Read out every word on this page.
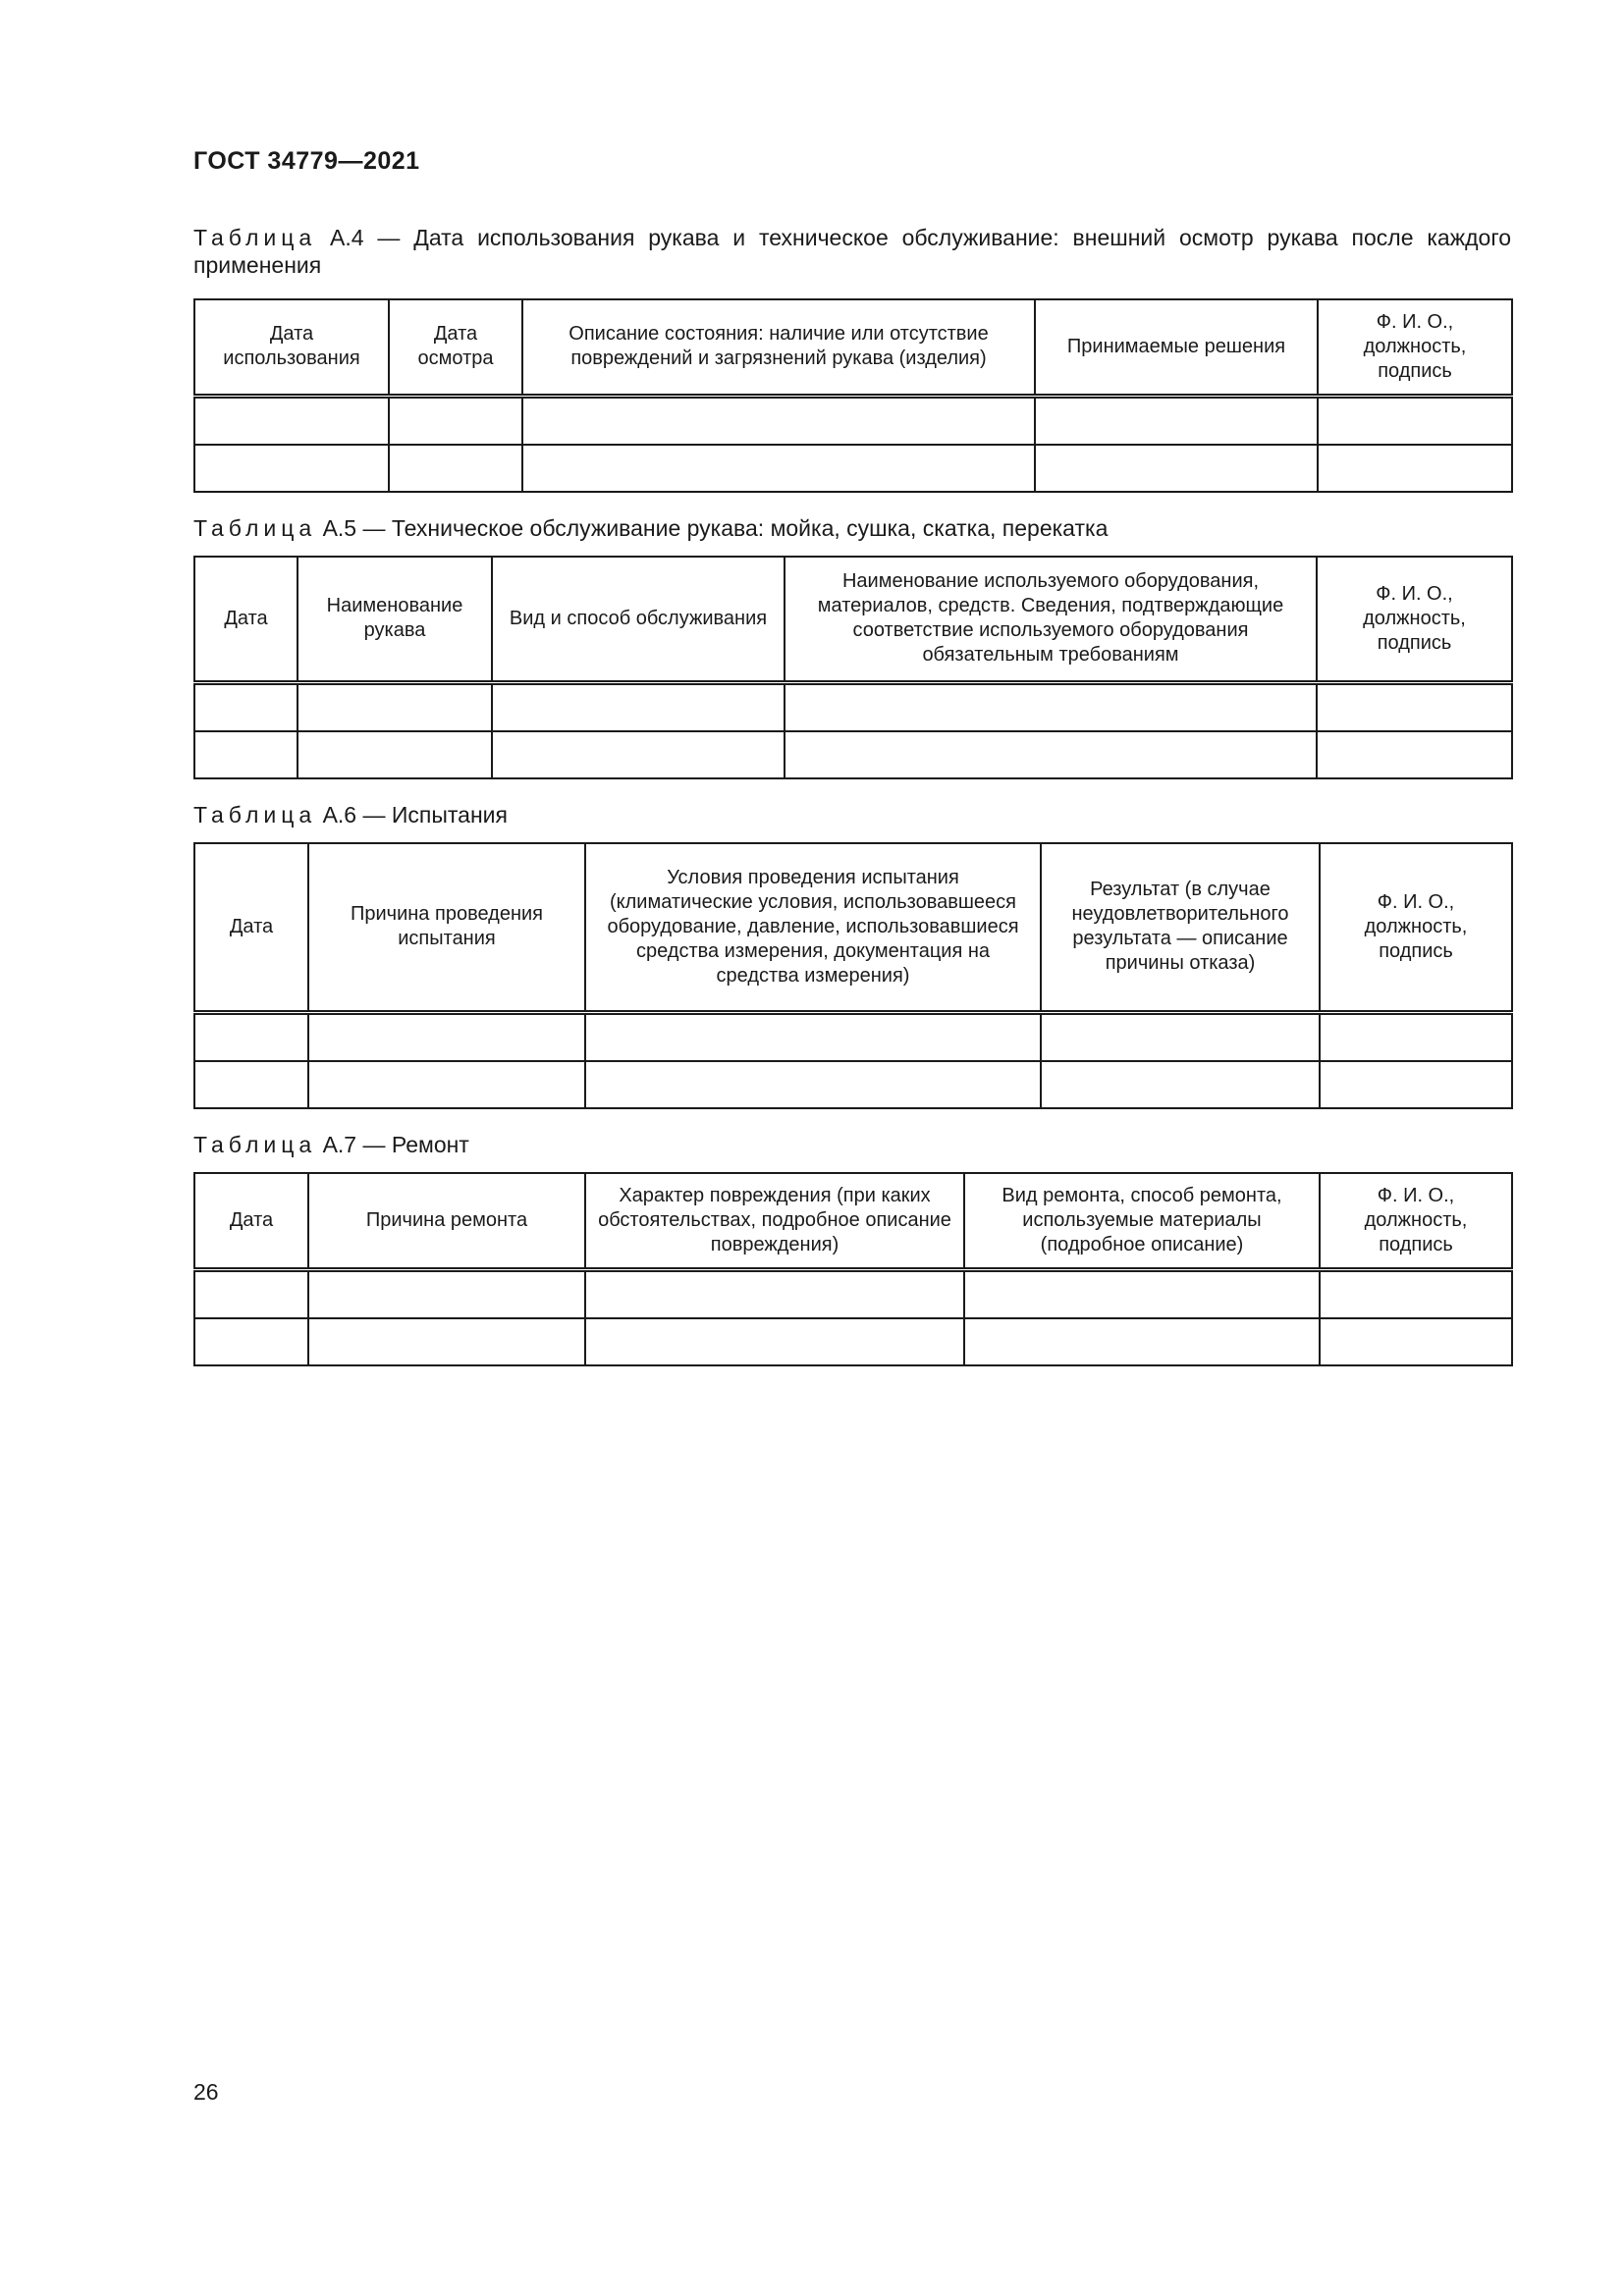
ГОСТ 34779—2021
Таблица А.4 — Дата использования рукава и техническое обслуживание: внешний осмотр рукава после каждого применения
Дата использования	Дата осмотра	Описание состояния: наличие или отсутствие повреждений и загрязнений рукава (изделия)	Принимаемые решения	Ф. И. О., должность, подпись

Таблица А.5 — Техническое обслуживание рукава: мойка, сушка, скатка, перекатка
Дата	Наименование рукава	Вид и способ обслуживания	Наименование используемого оборудования, материалов, средств. Сведения, подтверждающие соответствие используемого оборудования обязательным требованиям	Ф. И. О., должность, подпись

Таблица А.6 — Испытания
Дата	Причина проведения испытания	Условия проведения испытания (климатические условия, использовавшееся оборудование, давление, использовавшиеся средства измерения, документация на средства измерения)	Результат (в случае неудовлетворительного результата — описание причины отказа)	Ф. И. О., должность, подпись

Таблица А.7 — Ремонт
Дата	Причина ремонта	Характер повреждения (при каких обстоятельствах, подробное описание повреждения)	Вид ремонта, способ ремонта, используемые материалы (подробное описание)	Ф. И. О., должность, подпись

26
